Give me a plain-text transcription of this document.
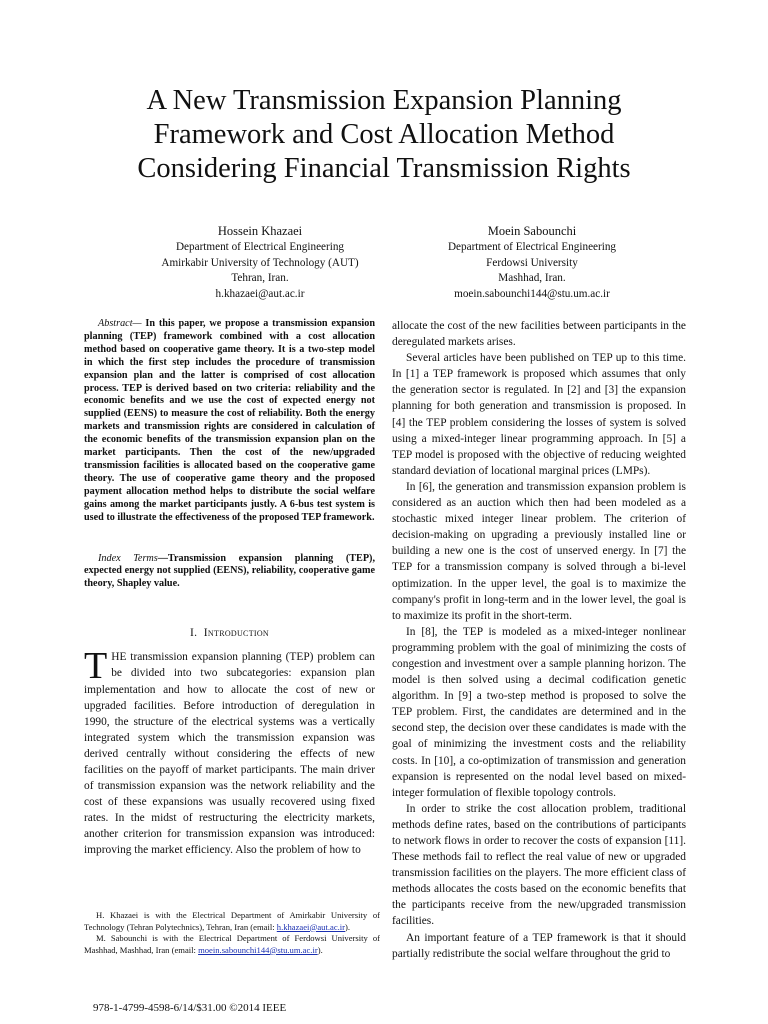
A New Transmission Expansion Planning
Framework and Cost Allocation Method
Considering Financial Transmission Rights
Hossein Khazaei
Department of Electrical Engineering
Amirkabir University of Technology (AUT)
Tehran, Iran.
h.khazaei@aut.ac.ir
Moein Sabounchi
Department of Electrical Engineering
Ferdowsi University
Mashhad, Iran.
moein.sabounchi144@stu.um.ac.ir

Abstract— In this paper, we propose a transmission expansion planning (TEP) framework combined with a cost allocation method based on cooperative game theory. It is a two-step model in which the first step includes the procedure of transmission expansion plan and the latter is comprised of cost allocation process. TEP is derived based on two criteria: reliability and the economic benefits and we use the cost of expected energy not supplied (EENS) to measure the cost of reliability. Both the energy markets and transmission rights are considered in calculation of the economic benefits of the transmission expansion plan on the market participants. Then the cost of the new/upgraded transmission facilities is allocated based on the cooperative game theory. The use of cooperative game theory and the proposed payment allocation method helps to distribute the social welfare gains among the market participants justly. A 6-bus test system is used to illustrate the effectiveness of the proposed TEP framework.

Index Terms—Transmission expansion planning (TEP), expected energy not supplied (EENS), reliability, cooperative game theory, Shapley value.

I. Introduction

THE transmission expansion planning (TEP) problem can be divided into two subcategories: expansion plan implementation and how to allocate the cost of new or upgraded facilities. Before introduction of deregulation in 1990, the structure of the electrical systems was a vertically integrated system which the transmission expansion was derived centrally without considering the effects of new facilities on the payoff of market participants. The main driver of transmission expansion was the network reliability and the cost of these expansions was usually recovered using fixed rates. In the midst of restructuring the electricity markets, another criterion for transmission expansion was introduced: improving the market efficiency. Also the problem of how to

allocate the cost of the new facilities between participants in the deregulated markets arises.

Several articles have been published on TEP up to this time. In [1] a TEP framework is proposed which assumes that only the generation sector is regulated. In [2] and [3] the expansion planning for both generation and transmission is proposed. In [4] the TEP problem considering the losses of system is solved using a mixed-integer linear programming approach. In [5] a TEP model is proposed with the objective of reducing weighted standard deviation of locational marginal prices (LMPs).

In [6], the generation and transmission expansion problem is considered as an auction which then had been modeled as a stochastic mixed integer linear problem. The criterion of decision-making on upgrading a previously installed line or building a new one is the cost of unserved energy. In [7] the TEP for a transmission company is solved through a bi-level optimization. In the upper level, the goal is to maximize the company's profit in long-term and in the lower level, the goal is to maximize its profit in the short-term.

In [8], the TEP is modeled as a mixed-integer nonlinear programming problem with the goal of minimizing the costs of congestion and investment over a sample planning horizon. The model is then solved using a decimal codification genetic algorithm. In [9] a two-step method is proposed to solve the TEP problem. First, the candidates are determined and in the second step, the decision over these candidates is made with the goal of minimizing the investment costs and the reliability costs. In [10], a co-optimization of transmission and generation expansion is represented on the nodal level based on mixed-integer formulation of flexible topology controls.

In order to strike the cost allocation problem, traditional methods define rates, based on the contributions of participants to network flows in order to recover the costs of expansion [11]. These methods fail to reflect the real value of new or upgraded transmission facilities on the players. The more efficient class of methods allocates the costs based on the economic benefits that the participants receive from the new/upgraded transmission facilities.

An important feature of a TEP framework is that it should partially redistribute the social welfare throughout the grid to

H. Khazaei is with the Electrical Department of Amirkabir University of Technology (Tehran Polytechnics), Tehran, Iran (email: h.khazaei@aut.ac.ir).

M. Sabounchi is with the Electrical Department of Ferdowsi University of Mashhad, Mashhad, Iran (email: moein.sabounchi144@stu.um.ac.ir).

978-1-4799-4598-6/14/$31.00 ©2014 IEEE
